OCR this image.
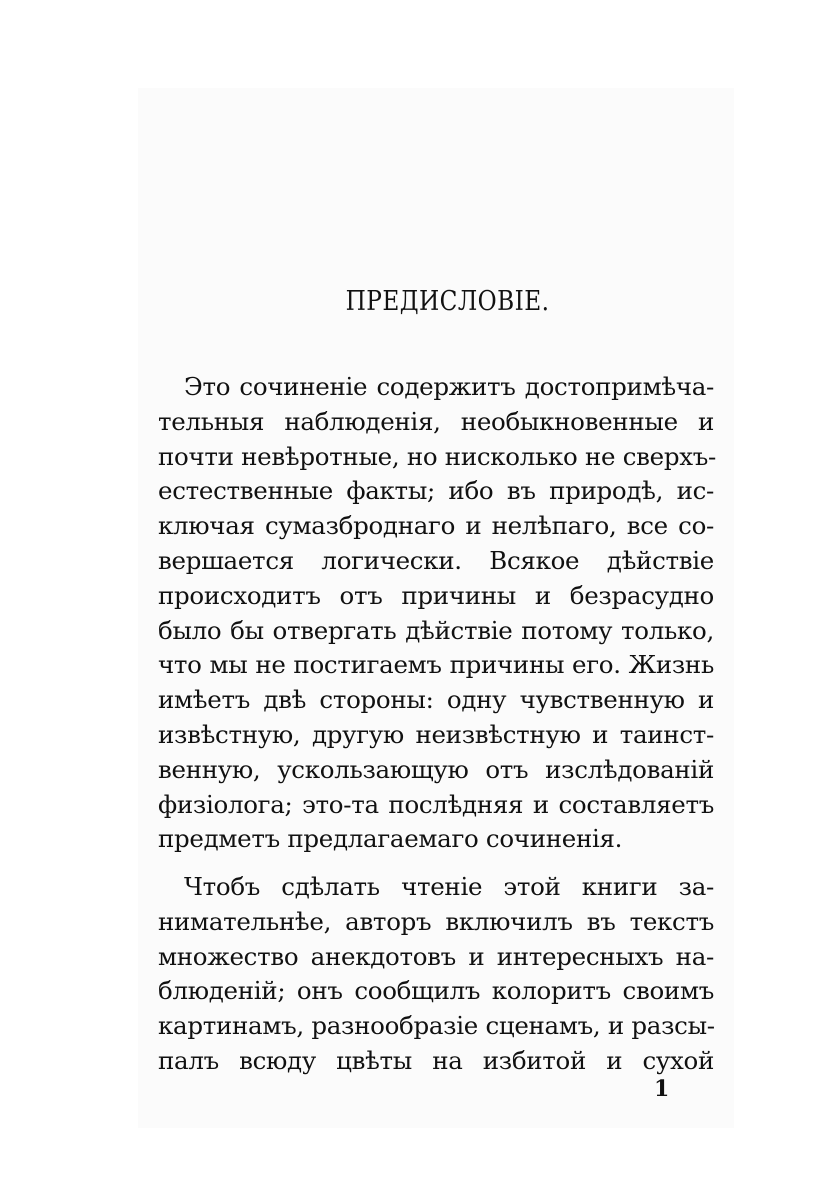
ПРЕДИСЛОВІЕ.
Это сочиненіе содержитъ достопримѣча-
тельныя наблюденія, необыкновенные и
почти невѣротные, но нисколько не сверхъ-
естественные факты; ибо въ природѣ, ис-
ключая сумазброднаго и нелѣпаго, все со-
вершается логически. Всякое дѣйствіе
происходитъ отъ причины и безрасудно
было бы отвергать дѣйствіе потому только,
что мы не постигаемъ причины его. Жизнь
имѣетъ двѣ стороны: одну чувственную и
извѣстную, другую неизвѣстную и таинст-
венную, ускользающую отъ изслѣдованій
физіолога; это-та послѣдняя и составляетъ
предметъ предлагаемаго сочиненія.
Чтобъ сдѣлать чтеніе этой книги за-
нимательнѣе, авторъ включилъ въ текстъ
множество анекдотовъ и интересныхъ на-
блюденій; онъ сообщилъ колоритъ своимъ
картинамъ, разнообразіе сценамъ, и разсы-
палъ всюду цвѣты на избитой и сухой
1
